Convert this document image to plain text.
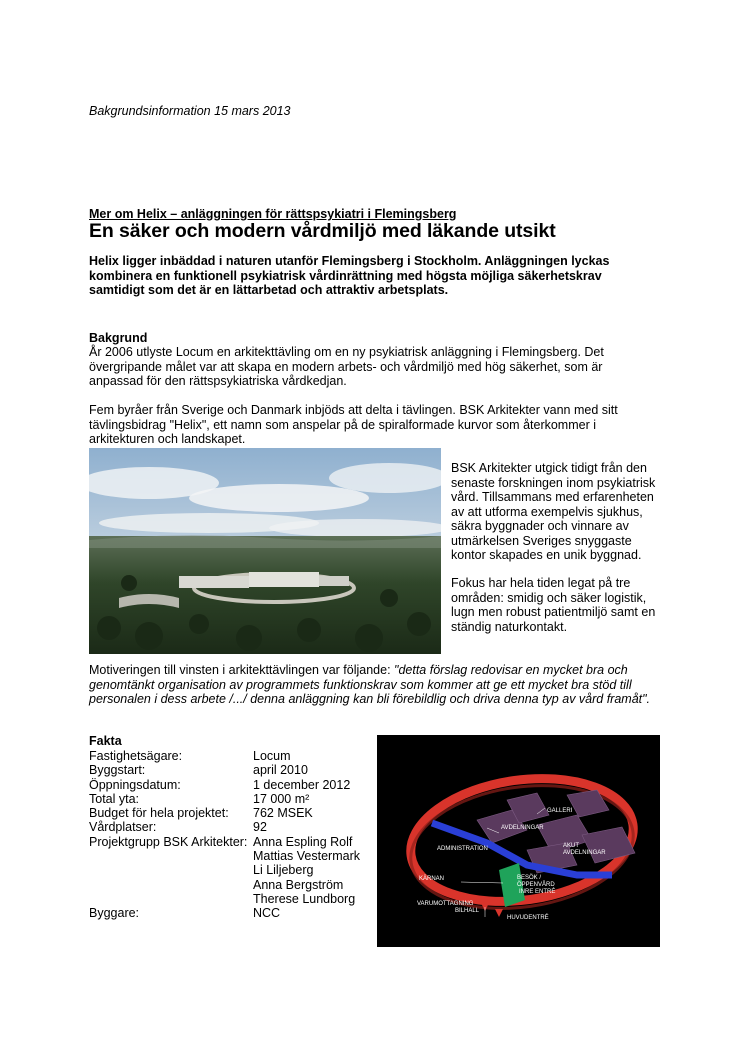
Bakgrundsinformation 15 mars 2013
Mer om Helix – anläggningen för rättspsykiatri i Flemingsberg
En säker och modern vårdmiljö med läkande utsikt
Helix ligger inbäddad i naturen utanför Flemingsberg i Stockholm. Anläggningen lyckas kombinera en funktionell psykiatrisk vårdinrättning med högsta möjliga säkerhetskrav samtidigt som det är en lättarbetad och attraktiv arbetsplats.
Bakgrund
År 2006 utlyste Locum en arkitekttävling om en ny psykiatrisk anläggning i Flemingsberg. Det övergripande målet var att skapa en modern arbets- och vårdmiljö med hög säkerhet, som är anpassad för den rättspsykiatriska vårdkedjan.
Fem byråer från Sverige och Danmark inbjöds att delta i tävlingen. BSK Arkitekter vann med sitt tävlingsbidrag "Helix", ett namn som anspelar på de spiralformade kurvor som återkommer i arkitekturen och landskapet.
BSK Arkitekter utgick tidigt från den senaste forskningen inom psykiatrisk vård. Tillsammans med erfarenheten av att utforma exempelvis sjukhus, säkra byggnader och vinnare av utmärkelsen Sveriges snyggaste kontor skapades en unik byggnad.
Fokus har hela tiden legat på tre områden: smidig och säker logistik, lugn men robust patientmiljö samt en ständig naturkontakt.
Motiveringen till vinsten i arkitekttävlingen var följande: "detta förslag redovisar en mycket bra och genomtänkt organisation av programmets funktionskrav som kommer att ge ett mycket bra stöd till personalen i dess arbete /.../ denna anläggning kan bli förebildlig och driva denna typ av vård framåt".
Fakta
Fastighetsägare:	Locum
Byggstart:	april 2010
Öppningsdatum:	1 december 2012
Total yta:	17 000 m²
Budget för hela projektet:	762 MSEK
Vårdplatser:	92
Projektgrupp BSK Arkitekter: Anna Espling Rolf
Mattias Vestermark
Li Liljeberg
Anna Bergström
Therese Lundborg
Byggare:	NCC
GALLERI
AVDELNINGAR
ADMINISTRATION	AKUT
AVDELNINGAR
KÄRNAN	BESÖK /
ÖPPENVÅRD
INRE ENTRÉ
VARUMOTTAGNING
BILHALL
HUVUDENTRÉ
